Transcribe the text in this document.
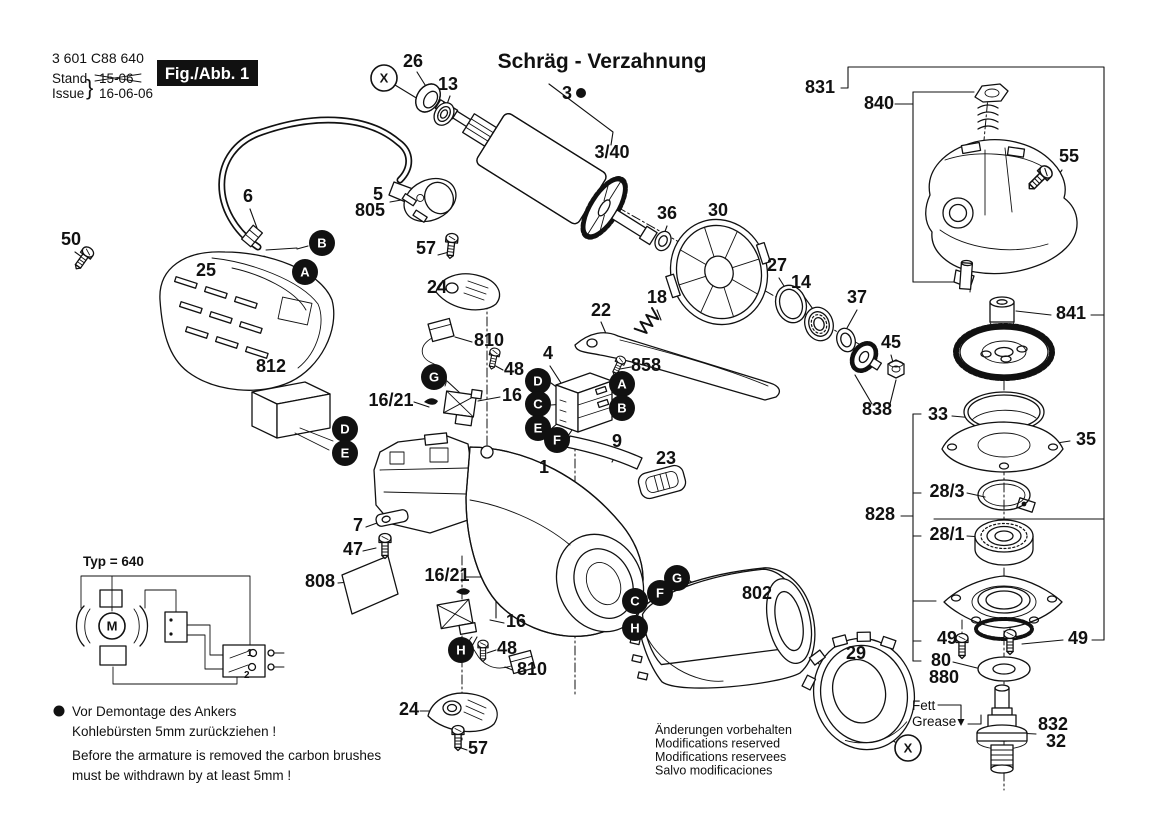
3 601 C88 640
Stand
Issue } 15-06
16-06-06
Fig./Abb. 1
Schräg - Verzahnung
Typ = 640
1
2
Fett
Grease
Vor Demontage des Ankers
Kohlebürsten 5mm zurückziehen !
Before the armature is removed the carbon brushes
must be withdrawn by at least 5mm !
Änderungen vorbehalten
Modifications reserved
Modifications reservees
Salvo modificaciones
26
13	3
3/40
831
840
55
6	5
805	36 30
50	57
27
14
25
37
24
841
22
18
810
812
45
4
858
48
16/21	16
838 33
35
9
1	23
28/3
828
28/1
7
47
16/21
808
802
16
48	49	49
80
880
29
810
832
32
24
57
X
B
A
G	D	A
C	B
E
F
D
E
G
F
C
H
H
X
M
